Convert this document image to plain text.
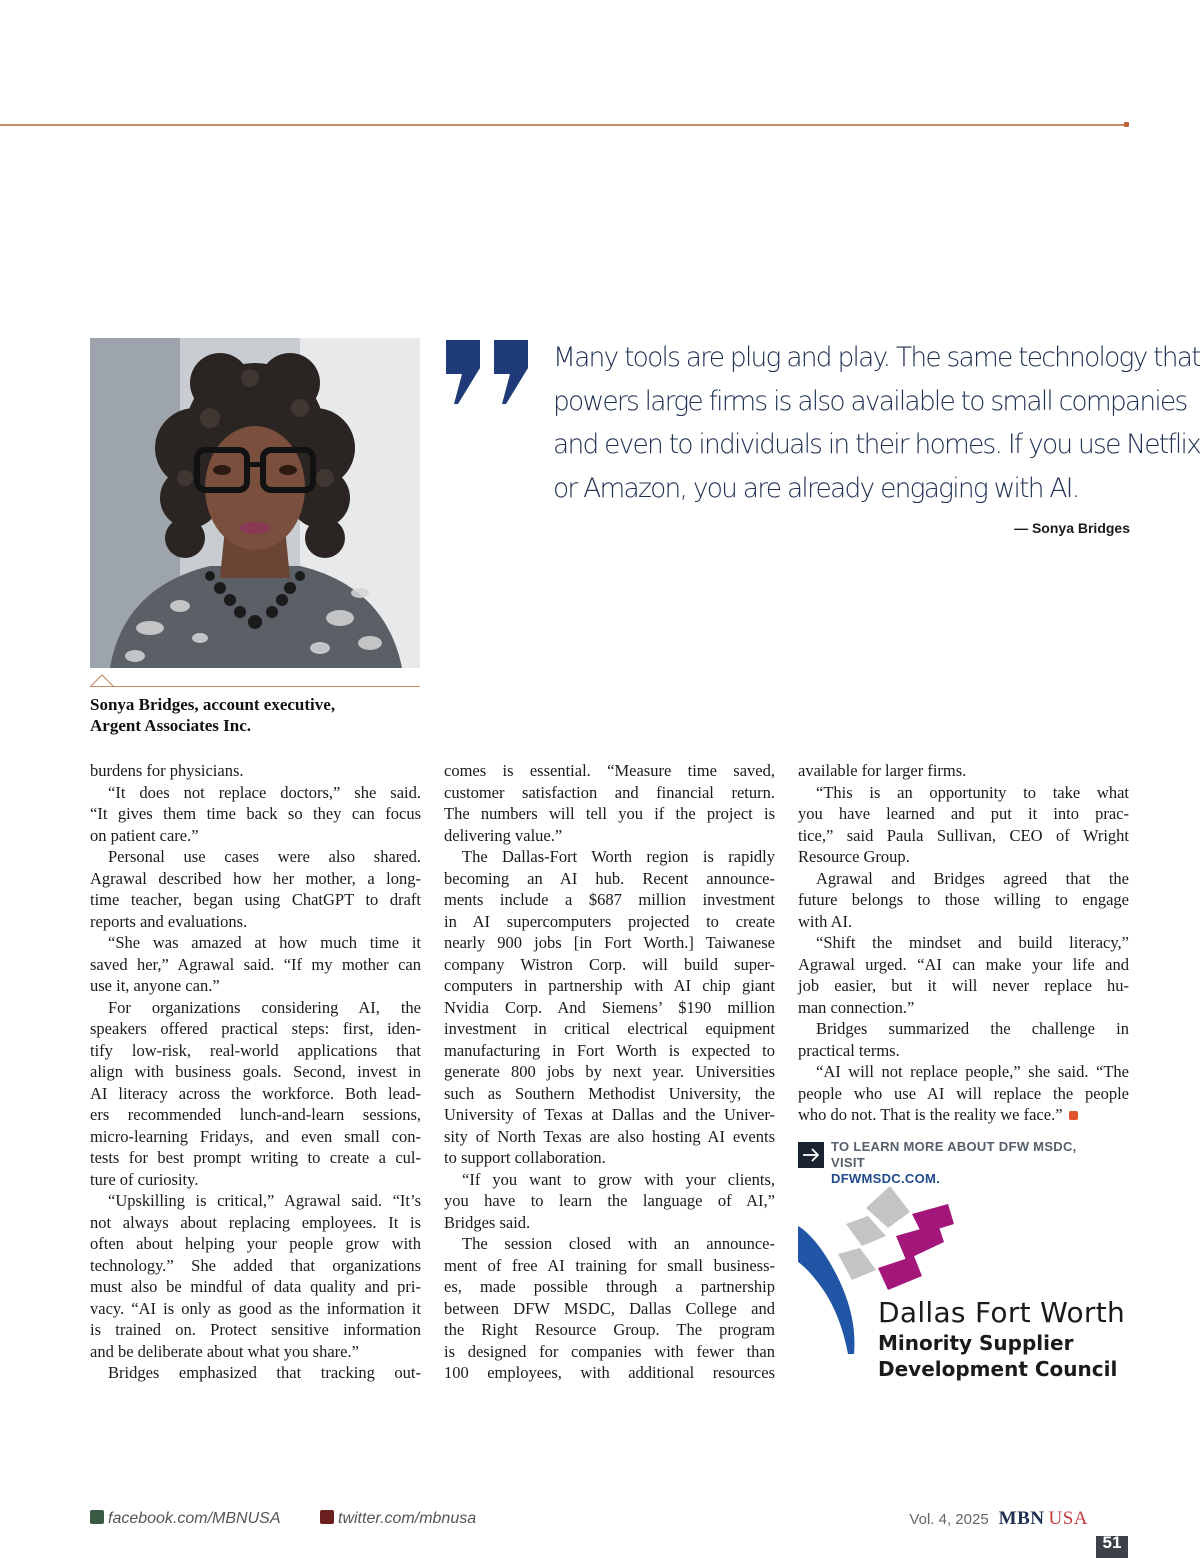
Sonya Bridges, account executive,
Argent Associates Inc.
Many tools are plug and play. The same technology that
powers large firms is also available to small companies
and even to individuals in their homes. If you use Netflix
or Amazon, you are already engaging with AI.
— Sonya Bridges
burdens for physicians.
“It does not replace doctors,” she said.
“It gives them time back so they can focus
on patient care.”
Personal use cases were also shared.
Agrawal described how her mother, a long-
time teacher, began using ChatGPT to draft
reports and evaluations.
“She was amazed at how much time it
saved her,” Agrawal said. “If my mother can
use it, anyone can.”
For organizations considering AI, the
speakers offered practical steps: first, iden-
tify low-risk, real-world applications that
align with business goals. Second, invest in
AI literacy across the workforce. Both lead-
ers recommended lunch-and-learn sessions,
micro-learning Fridays, and even small con-
tests for best prompt writing to create a cul-
ture of curiosity.
“Upskilling is critical,” Agrawal said. “It’s
not always about replacing employees. It is
often about helping your people grow with
technology.” She added that organizations
must also be mindful of data quality and pri-
vacy. “AI is only as good as the information it
is trained on. Protect sensitive information
and be deliberate about what you share.”
Bridges emphasized that tracking out-
comes is essential. “Measure time saved,
customer satisfaction and financial return.
The numbers will tell you if the project is
delivering value.”
The Dallas-Fort Worth region is rapidly
becoming an AI hub. Recent announce-
ments include a $687 million investment
in AI supercomputers projected to create
nearly 900 jobs [in Fort Worth.] Taiwanese
company Wistron Corp. will build super-
computers in partnership with AI chip giant
Nvidia Corp. And Siemens’ $190 million
investment in critical electrical equipment
manufacturing in Fort Worth is expected to
generate 800 jobs by next year. Universities
such as Southern Methodist University, the
University of Texas at Dallas and the Univer-
sity of North Texas are also hosting AI events
to support collaboration.
“If you want to grow with your clients,
you have to learn the language of AI,”
Bridges said.
The session closed with an announce-
ment of free AI training for small business-
es, made possible through a partnership
between DFW MSDC, Dallas College and
the Right Resource Group. The program
is designed for companies with fewer than
100 employees, with additional resources
available for larger firms.
“This is an opportunity to take what
you have learned and put it into prac-
tice,” said Paula Sullivan, CEO of Wright
Resource Group.
Agrawal and Bridges agreed that the
future belongs to those willing to engage
with AI.
“Shift the mindset and build literacy,”
Agrawal urged. “AI can make your life and
job easier, but it will never replace hu-
man connection.”
Bridges summarized the challenge in
practical terms.
“AI will not replace people,” she said. “The
people who use AI will replace the people
who do not. That is the reality we face.”
TO LEARN MORE ABOUT DFW MSDC,
VISIT
DFWMSDC.COM.
Dallas Fort Worth
Minority Supplier
Development Council
facebook.com/MBNUSA	twitter.com/mbnusa	Vol. 4, 2025 MBN USA
51
